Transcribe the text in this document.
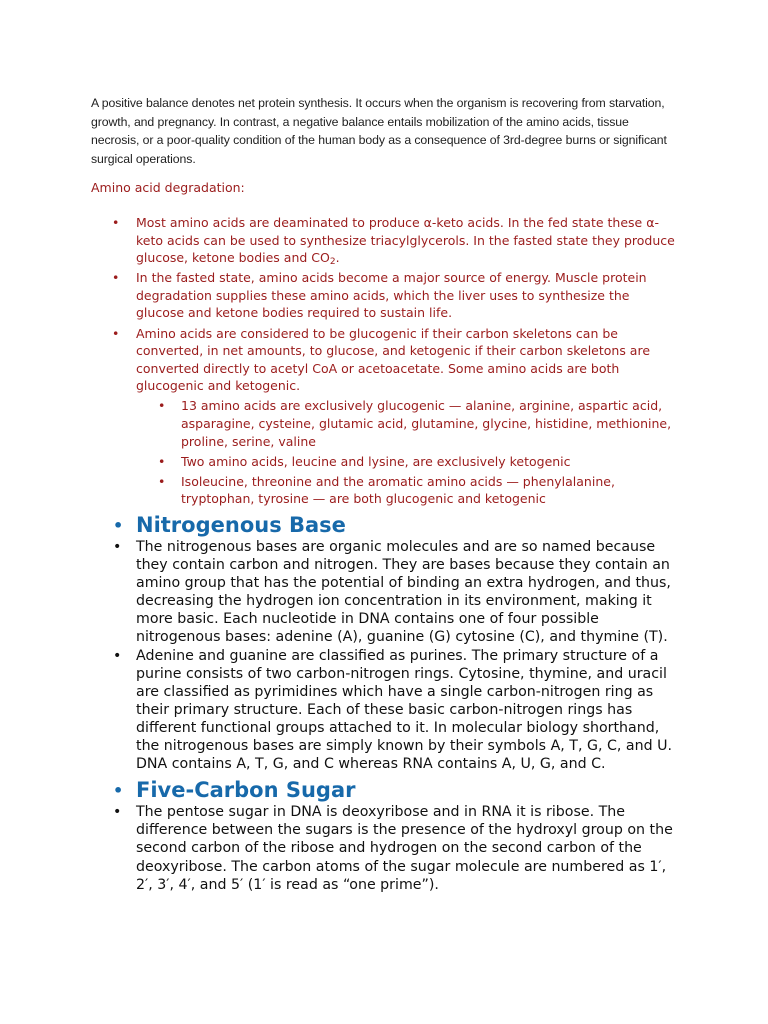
A positive balance denotes net protein synthesis. It occurs when the organism is recovering from starvation, growth, and pregnancy. In contrast, a negative balance entails mobilization of the amino acids, tissue necrosis, or a poor-quality condition of the human body as a consequence of 3rd-degree burns or significant surgical operations.

Amino acid degradation:

• Most amino acids are deaminated to produce α-keto acids. In the fed state these α-keto acids can be used to synthesize triacylglycerols. In the fasted state they produce glucose, ketone bodies and $CO_2$.
• In the fasted state, amino acids become a major source of energy. Muscle protein degradation supplies these amino acids, which the liver uses to synthesize the glucose and ketone bodies required to sustain life.
• Amino acids are considered to be glucogenic if their carbon skeletons can be converted, in net amounts, to glucose, and ketogenic if their carbon skeletons are converted directly to acetyl CoA or acetoacetate. Some amino acids are both glucogenic and ketogenic.
• 13 amino acids are exclusively glucogenic — alanine, arginine, aspartic acid, asparagine, cysteine, glutamic acid, glutamine, glycine, histidine, methionine, proline, serine, valine
• Two amino acids, leucine and lysine, are exclusively ketogenic
• Isoleucine, threonine and the aromatic amino acids — phenylalanine, tryptophan, tyrosine — are both glucogenic and ketogenic
• Nitrogenous Base
• The nitrogenous bases are organic molecules and are so named because they contain carbon and nitrogen. They are bases because they contain an amino group that has the potential of binding an extra hydrogen, and thus, decreasing the hydrogen ion concentration in its environment, making it more basic. Each nucleotide in DNA contains one of four possible nitrogenous bases: adenine (A), guanine (G) cytosine (C), and thymine (T).
• Adenine and guanine are classified as purines. The primary structure of a purine consists of two carbon-nitrogen rings. Cytosine, thymine, and uracil are classified as pyrimidines which have a single carbon-nitrogen ring as their primary structure. Each of these basic carbon-nitrogen rings has different functional groups attached to it. In molecular biology shorthand, the nitrogenous bases are simply known by their symbols A, T, G, C, and U. DNA contains A, T, G, and C whereas RNA contains A, U, G, and C.
• Five-Carbon Sugar
• The pentose sugar in DNA is deoxyribose and in RNA it is ribose. The difference between the sugars is the presence of the hydroxyl group on the second carbon of the ribose and hydrogen on the second carbon of the deoxyribose. The carbon atoms of the sugar molecule are numbered as 1′, 2′, 3′, 4′, and 5′ (1′ is read as “one prime”).
